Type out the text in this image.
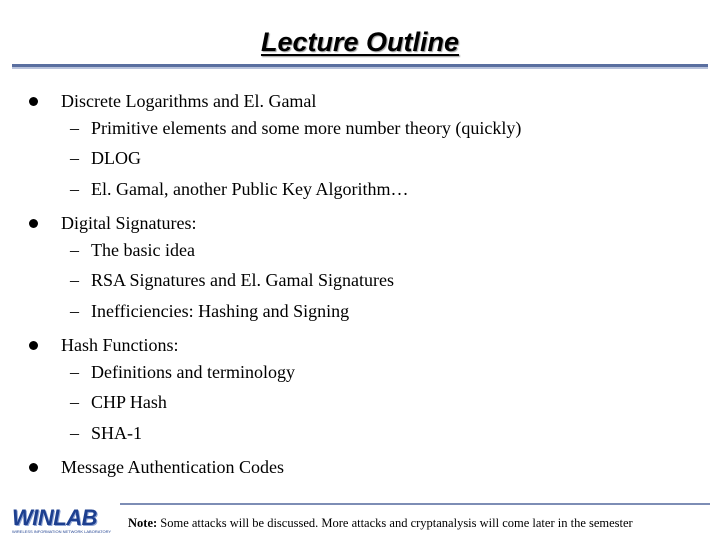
Lecture Outline
Discrete Logarithms and El. Gamal
– Primitive elements and some more number theory (quickly)
– DLOG
– El. Gamal, another Public Key Algorithm…
Digital Signatures:
– The basic idea
– RSA Signatures and El. Gamal Signatures
– Inefficiencies: Hashing and Signing
Hash Functions:
– Definitions and terminology
– CHP Hash
– SHA-1
Message Authentication Codes
WINLAB
WIRELESS INFORMATION NETWORK LABORATORY
Note: Some attacks will be discussed. More attacks and cryptanalysis will come later in the semester
